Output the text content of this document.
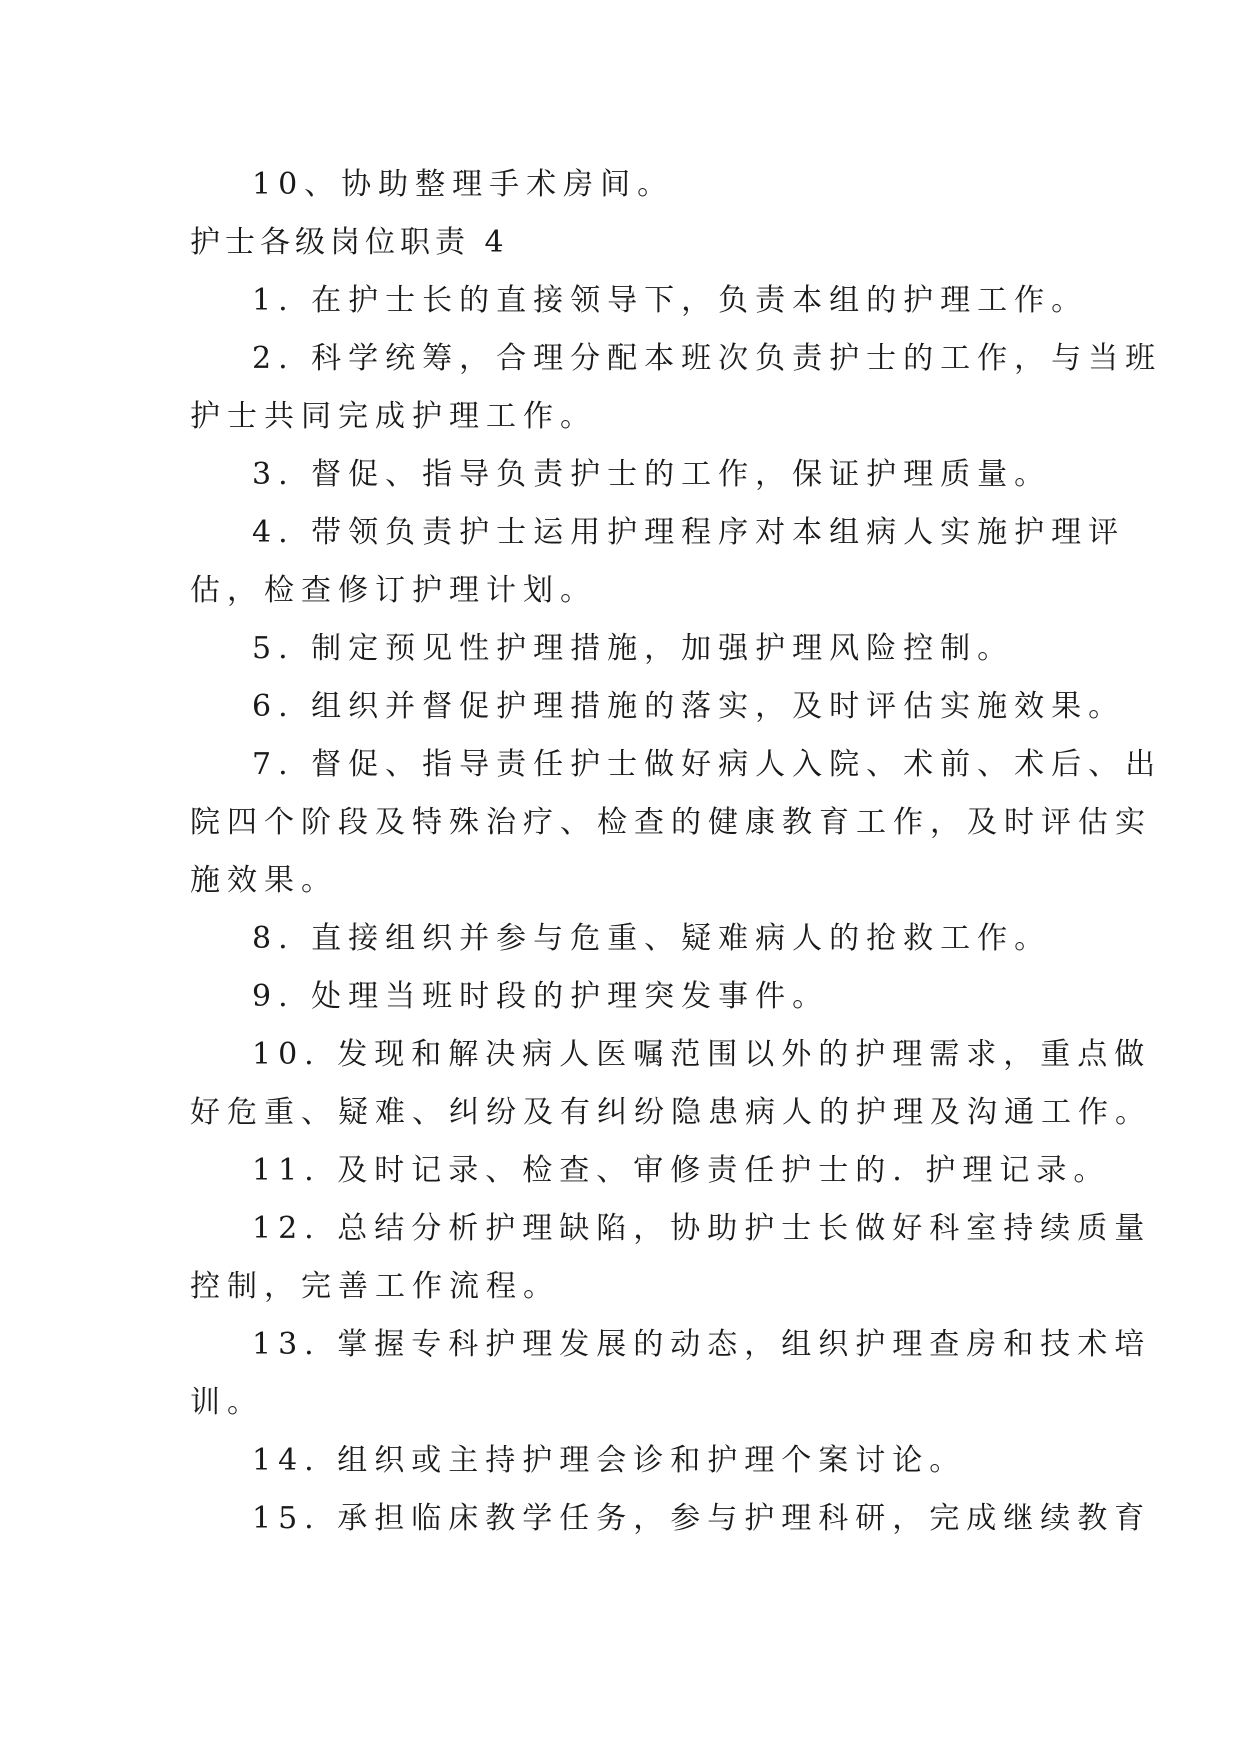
10、协助整理手术房间。
护士各级岗位职责 4
1. 在护士长的直接领导下，负责本组的护理工作。
2. 科学统筹，合理分配本班次负责护士的工作，与当班
护士共同完成护理工作。
3. 督促、指导负责护士的工作，保证护理质量。
4. 带领负责护士运用护理程序对本组病人实施护理评
估，检查修订护理计划。
5. 制定预见性护理措施，加强护理风险控制。
6. 组织并督促护理措施的落实，及时评估实施效果。
7. 督促、指导责任护士做好病人入院、术前、术后、出
院四个阶段及特殊治疗、检查的健康教育工作，及时评估实
施效果。
8. 直接组织并参与危重、疑难病人的抢救工作。
9. 处理当班时段的护理突发事件。
10. 发现和解决病人医嘱范围以外的护理需求，重点做
好危重、疑难、纠纷及有纠纷隐患病人的护理及沟通工作。
11. 及时记录、检查、审修责任护士的. 护理记录。
12. 总结分析护理缺陷，协助护士长做好科室持续质量
控制，完善工作流程。
13. 掌握专科护理发展的动态，组织护理查房和技术培
训。
14. 组织或主持护理会诊和护理个案讨论。
15. 承担临床教学任务，参与护理科研，完成继续教育
